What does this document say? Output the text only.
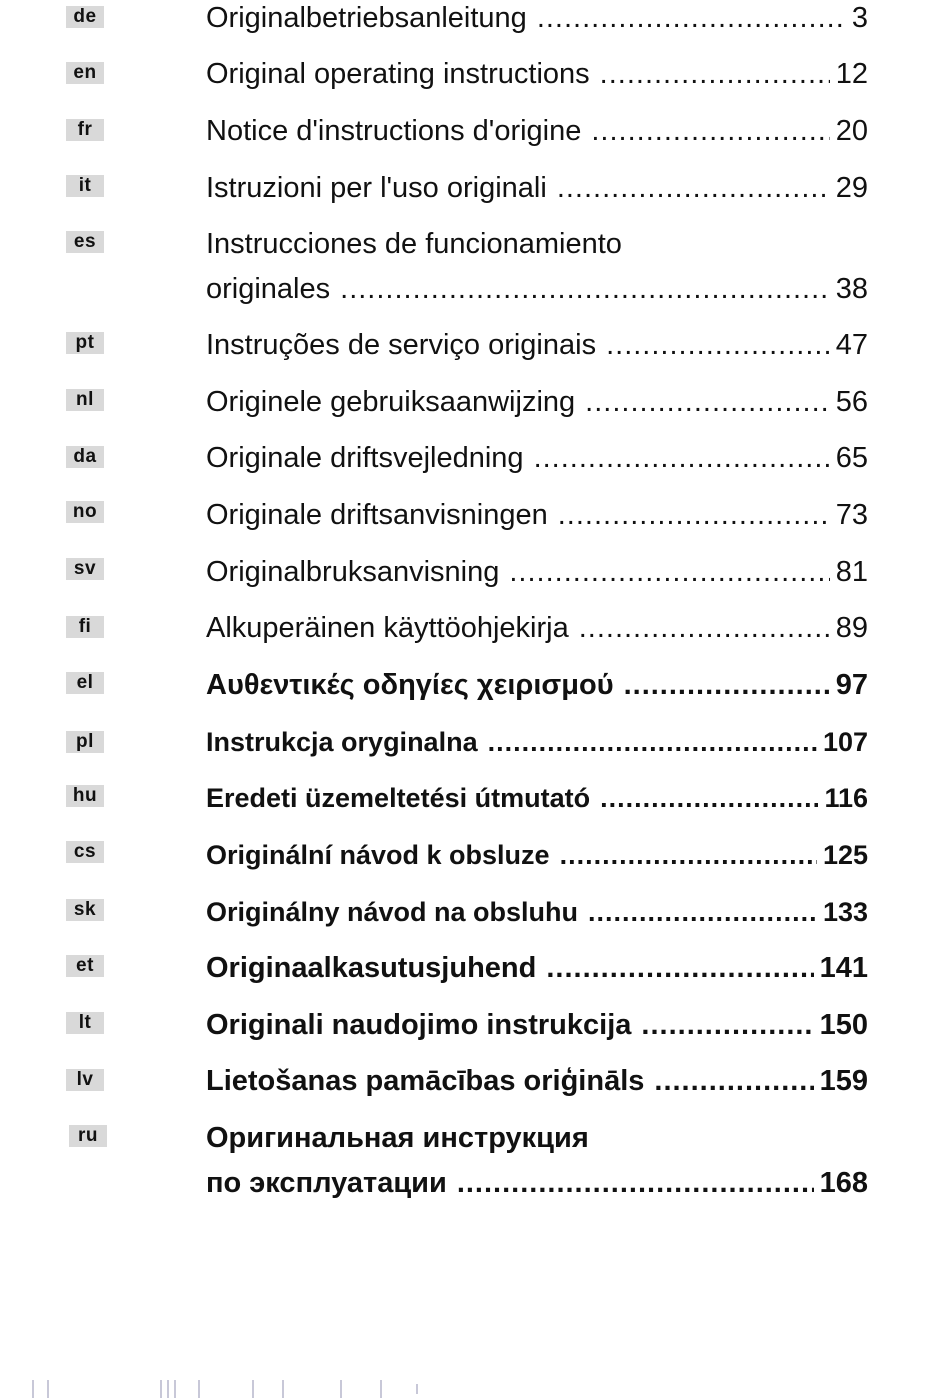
de	Originalbetriebsanleitung .....	3
en	Original operating instructions .....	12
fr	Notice d'instructions d'origine .....	20
it	Istruzioni per l'uso originali .....	29
es	Instrucciones de funcionamiento
originales .....	38
pt	Instruções de serviço originais .....	47
nl	Originele gebruiksaanwijzing .....	56
da	Originale driftsvejledning .....	65
no	Originale driftsanvisningen .....	73
sv	Originalbruksanvisning .....	81
fi	Alkuperäinen käyttöohjekirja .....	89
el	Αυθεντικές οδηγίες χειρισμού .....	97
pl	Instrukcja oryginalna .....	107
hu	Eredeti üzemeltetési útmutató .....	116
cs	Originální návod k obsluze .....	125
sk	Originálny návod na obsluhu .....	133
et	Originaalkasutusjuhend .....	141
lt	Originali naudojimo instrukcija .....	150
lv	Lietošanas pamācības oriģināls .....	159
ru	Оригинальная инструкция
по эксплуатации .....	168
